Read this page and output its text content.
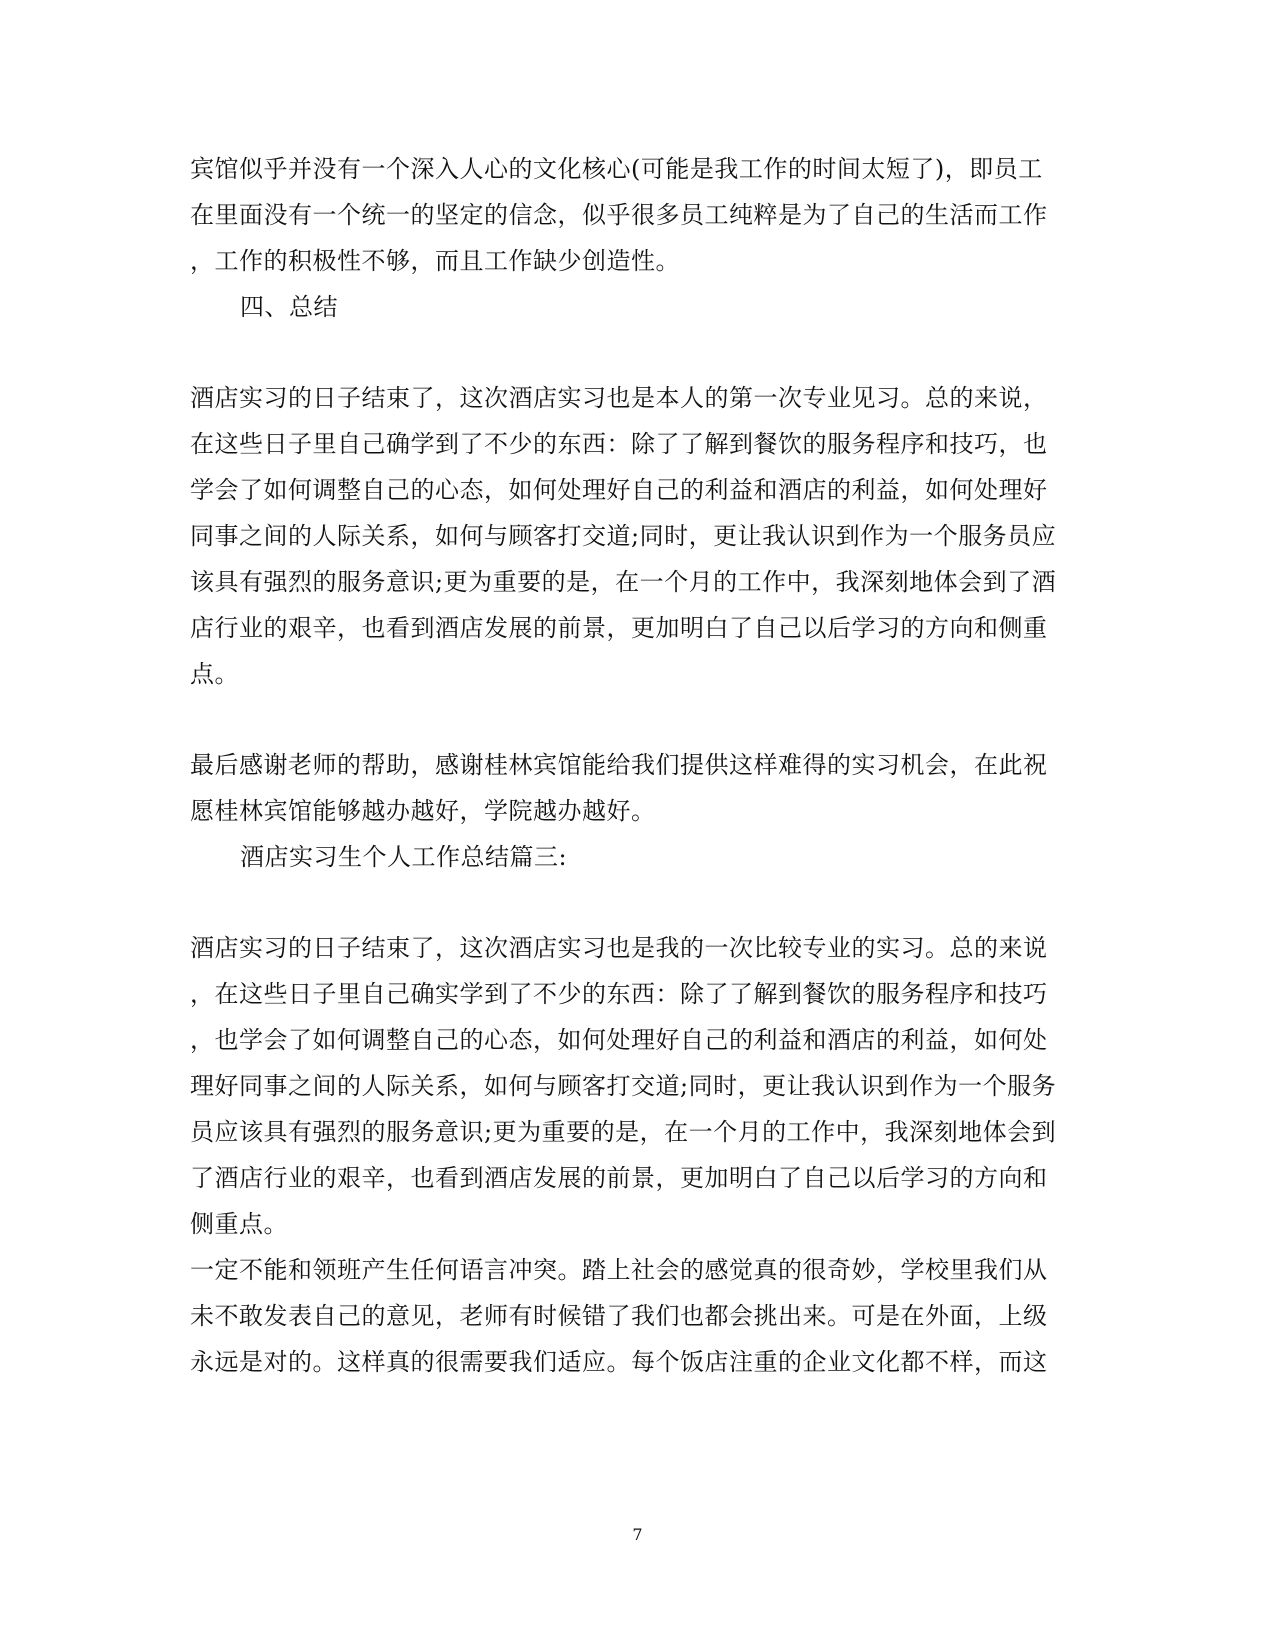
宾馆似乎并没有一个深入人心的文化核心(可能是我工作的时间太短了)，即员工
在里面没有一个统一的坚定的信念，似乎很多员工纯粹是为了自己的生活而工作
，工作的积极性不够，而且工作缺少创造性。
四、总结
酒店实习的日子结束了，这次酒店实习也是本人的第一次专业见习。总的来说，
在这些日子里自己确学到了不少的东西：除了了解到餐饮的服务程序和技巧，也
学会了如何调整自己的心态，如何处理好自己的利益和酒店的利益，如何处理好
同事之间的人际关系，如何与顾客打交道;同时，更让我认识到作为一个服务员应
该具有强烈的服务意识;更为重要的是，在一个月的工作中，我深刻地体会到了酒
店行业的艰辛，也看到酒店发展的前景，更加明白了自己以后学习的方向和侧重
点。
最后感谢老师的帮助，感谢桂林宾馆能给我们提供这样难得的实习机会，在此祝
愿桂林宾馆能够越办越好，学院越办越好。
酒店实习生个人工作总结篇三:
酒店实习的日子结束了，这次酒店实习也是我的一次比较专业的实习。总的来说
，在这些日子里自己确实学到了不少的东西：除了了解到餐饮的服务程序和技巧
，也学会了如何调整自己的心态，如何处理好自己的利益和酒店的利益，如何处
理好同事之间的人际关系，如何与顾客打交道;同时，更让我认识到作为一个服务
员应该具有强烈的服务意识;更为重要的是，在一个月的工作中，我深刻地体会到
了酒店行业的艰辛，也看到酒店发展的前景，更加明白了自己以后学习的方向和
侧重点。
一定不能和领班产生任何语言冲突。踏上社会的感觉真的很奇妙，学校里我们从
未不敢发表自己的意见，老师有时候错了我们也都会挑出来。可是在外面，上级
永远是对的。这样真的很需要我们适应。每个饭店注重的企业文化都不样，而这
7
